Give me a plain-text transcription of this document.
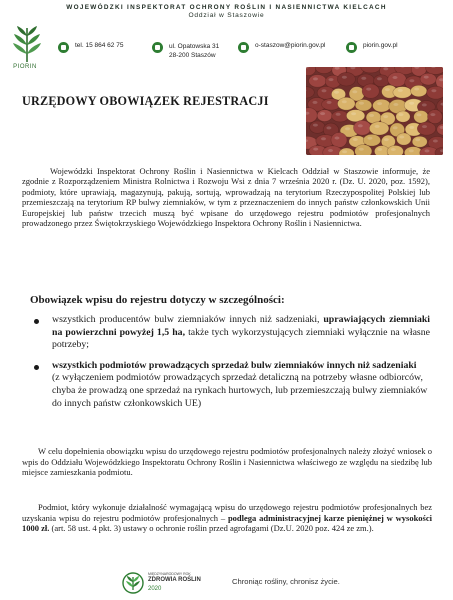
WOJEWÓDZKI INSPEKTORAT OCHRONY ROŚLIN I NASIENNICTWA KIELCACH
Oddział w Staszowie
PIORIN
tel. 15 864 62 75	ul. Opatowska 31
28-200 Staszów
o-staszow@piorin.gov.pl	piorin.gov.pl
URZĘDOWY OBOWIĄZEK REJESTRACJI
Wojewódzki Inspektorat Ochrony Roślin i Nasiennictwa w Kielcach Oddział w Staszowie informuje, że zgodnie z Rozporządzeniem Ministra Rolnictwa i Rozwoju Wsi z dnia 7 września 2020 r. (Dz. U. 2020, poz. 1592), podmioty, które uprawiają, magazynują, pakują, sortują, wprowadzają na terytorium Rzeczypospolitej Polskiej lub przemieszczają na terytorium RP bulwy ziemniaków, w tym z przeznaczeniem do innych państw członkowskich Unii Europejskiej lub państw trzecich muszą być wpisane do urzędowego rejestru podmiotów profesjonalnych prowadzonego przez Świętokrzyskiego Wojewódzkiego Inspektora Ochrony Roślin i Nasiennictwa.
Obowiązek wpisu do rejestru dotyczy w szczególności:
wszystkich producentów bulw ziemniaków innych niż sadzeniaki, uprawiających ziemniaki na powierzchni powyżej 1,5 ha, także tych wykorzystujących ziemniaki wyłącznie na własne potrzeby;
wszystkich podmiotów prowadzących sprzedaż bulw ziemniaków innych niż sadzeniaki
(z wyłączeniem podmiotów prowadzących sprzedaż detaliczną na potrzeby własne odbiorców, chyba że prowadzą one sprzedaż na rynkach hurtowych, lub przemieszczają bulwy ziemniaków do innych państw członkowskich UE)
W celu dopełnienia obowiązku wpisu do urzędowego rejestru podmiotów profesjonalnych należy złożyć wniosek o wpis do Oddziału Wojewódzkiego Inspektoratu Ochrony Roślin i Nasiennictwa właściwego ze względu na siedzibę lub miejsce zamieszkania podmiotu.
Podmiot, który wykonuje działalność wymagającą wpisu do urzędowego rejestru podmiotów profesjonalnych bez uzyskania wpisu do rejestru podmiotów profesjonalnych – podlega administracyjnej karze pieniężnej w wysokości 1000 zł. (art. 58 ust. 4 pkt. 3) ustawy o ochronie roślin przed agrofagami (Dz.U. 2020 poz. 424 ze zm.).
MIĘDZYNARODOWY ROK
ZDROWIA ROŚLIN
2020
Chroniąc rośliny, chronisz życie.
